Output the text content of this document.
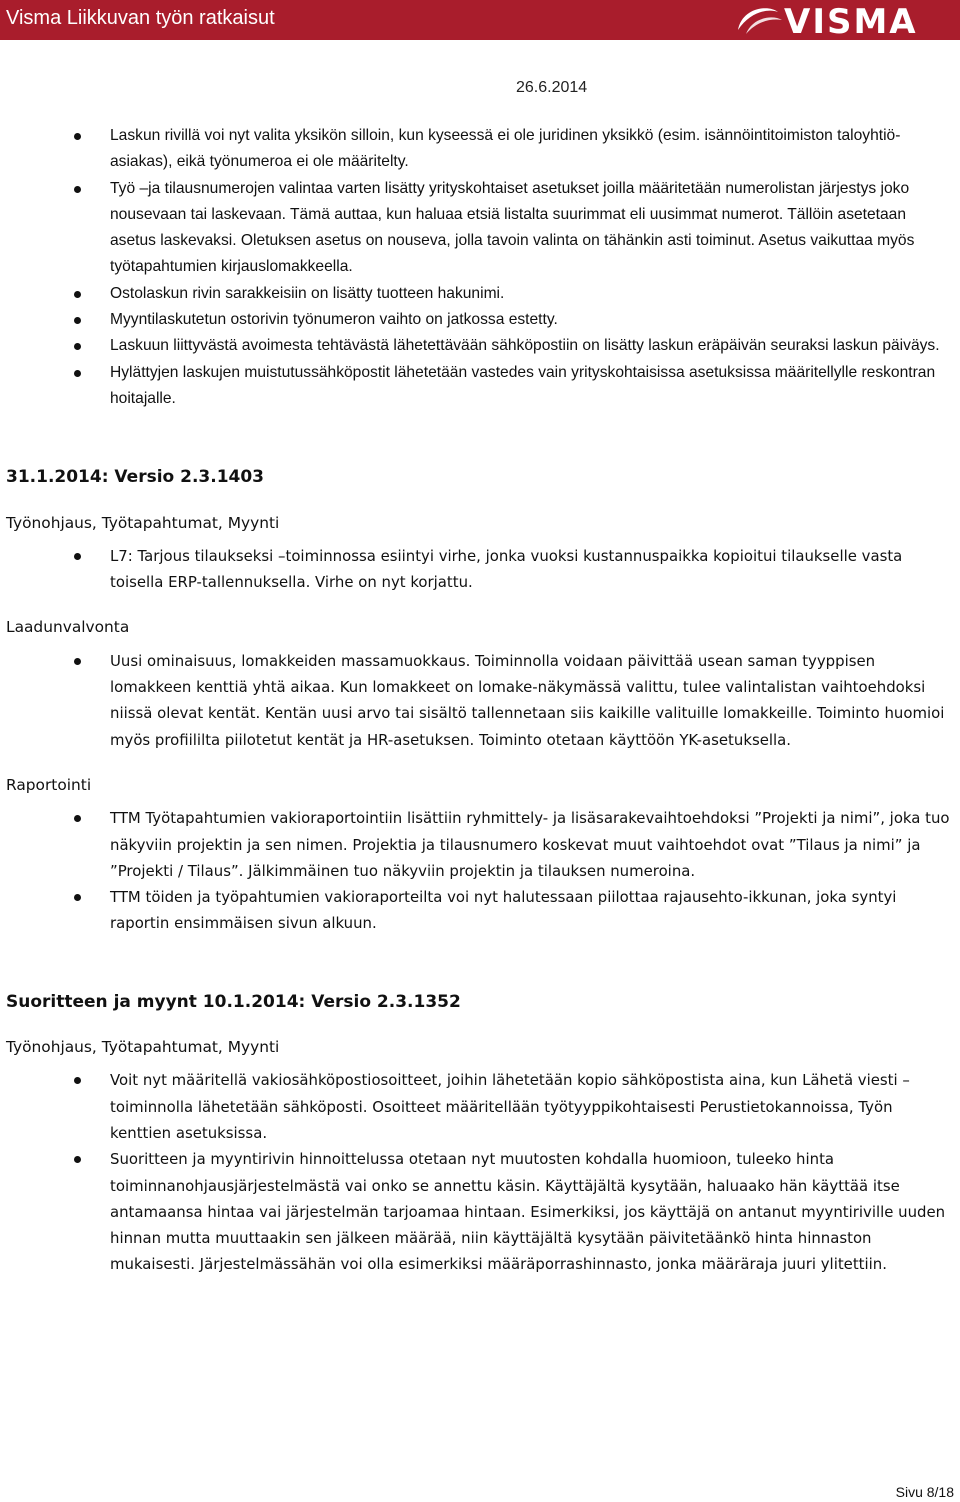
Visma Liikkuvan työn ratkaisut	VISMA
26.6.2014
Laskun rivillä voi nyt valita yksikön silloin, kun kyseessä ei ole juridinen yksikkö (esim. isännöintitoimiston taloyhtiö-asiakas), eikä työnumeroa ei ole määritelty.
Työ –ja tilausnumerojen valintaa varten lisätty yrityskohtaiset asetukset joilla määritetään numerolistan järjestys joko nousevaan tai laskevaan. Tämä auttaa, kun haluaa etsiä listalta suurimmat eli uusimmat numerot. Tällöin asetetaan asetus laskevaksi. Oletuksen asetus on nouseva, jolla tavoin valinta on tähänkin asti toiminut. Asetus vaikuttaa myös työtapahtumien kirjauslomakkeella.
Ostolaskun rivin sarakkeisiin on lisätty tuotteen hakunimi.
Myyntilaskutetun ostorivin työnumeron vaihto on jatkossa estetty.
Laskuun liittyvästä avoimesta tehtävästä lähetettävään sähköpostiin on lisätty laskun eräpäivän seuraksi laskun päiväys.
Hylättyjen laskujen muistutussähköpostit lähetetään vastedes vain yrityskohtaisissa asetuksissa määritellylle reskontran hoitajalle.
31.1.2014: Versio 2.3.1403
Työnohjaus, Työtapahtumat, Myynti
L7: Tarjous tilaukseksi –toiminnossa esiintyi virhe, jonka vuoksi kustannuspaikka kopioitui tilaukselle vasta toisella ERP-tallennuksella. Virhe on nyt korjattu.
Laadunvalvonta
Uusi ominaisuus, lomakkeiden massamuokkaus. Toiminnolla voidaan päivittää usean saman tyyppisen lomakkeen kenttiä yhtä aikaa. Kun lomakkeet on lomake-näkymässä valittu, tulee valintalistan vaihtoehdoksi niissä olevat kentät. Kentän uusi arvo tai sisältö tallennetaan siis kaikille valituille lomakkeille. Toiminto huomioi myös profiililta piilotetut kentät ja HR-asetuksen. Toiminto otetaan käyttöön YK-asetuksella.
Raportointi
TTM Työtapahtumien vakioraportointiin lisättiin ryhmittely- ja lisäsarakevaihtoehdoksi ”Projekti ja nimi”, joka tuo näkyviin projektin ja sen nimen. Projektia ja tilausnumero koskevat muut vaihtoehdot ovat ”Tilaus ja nimi” ja ”Projekti / Tilaus”. Jälkimmäinen tuo näkyviin projektin ja tilauksen numeroina.
TTM töiden ja työpahtumien vakioraporteilta voi nyt halutessaan piilottaa rajausehto-ikkunan, joka syntyi raportin ensimmäisen sivun alkuun.
Suoritteen ja myynt 10.1.2014: Versio 2.3.1352
Työnohjaus, Työtapahtumat, Myynti
Voit nyt määritellä vakiosähköpostiosoitteet, joihin lähetetään kopio sähköpostista aina, kun Lähetä viesti –toiminnolla lähetetään sähköposti. Osoitteet määritellään työtyyppikohtaisesti Perustietokannoissa, Työn kenttien asetuksissa.
Suoritteen ja myyntirivin hinnoittelussa otetaan nyt muutosten kohdalla huomioon, tuleeko hinta toiminnanohjausjärjestelmästä vai onko se annettu käsin. Käyttäjältä kysytään, haluaako hän käyttää itse antamaansa hintaa vai järjestelmän tarjoamaa hintaan. Esimerkiksi, jos käyttäjä on antanut myyntiriville uuden hinnan mutta muuttaakin sen jälkeen määrää, niin käyttäjältä kysytään päivitetäänkö hinta hinnaston mukaisesti. Järjestelmässähän voi olla esimerkiksi määräporrashinnasto, jonka määräraja juuri ylitettiin.
Sivu 8/18
